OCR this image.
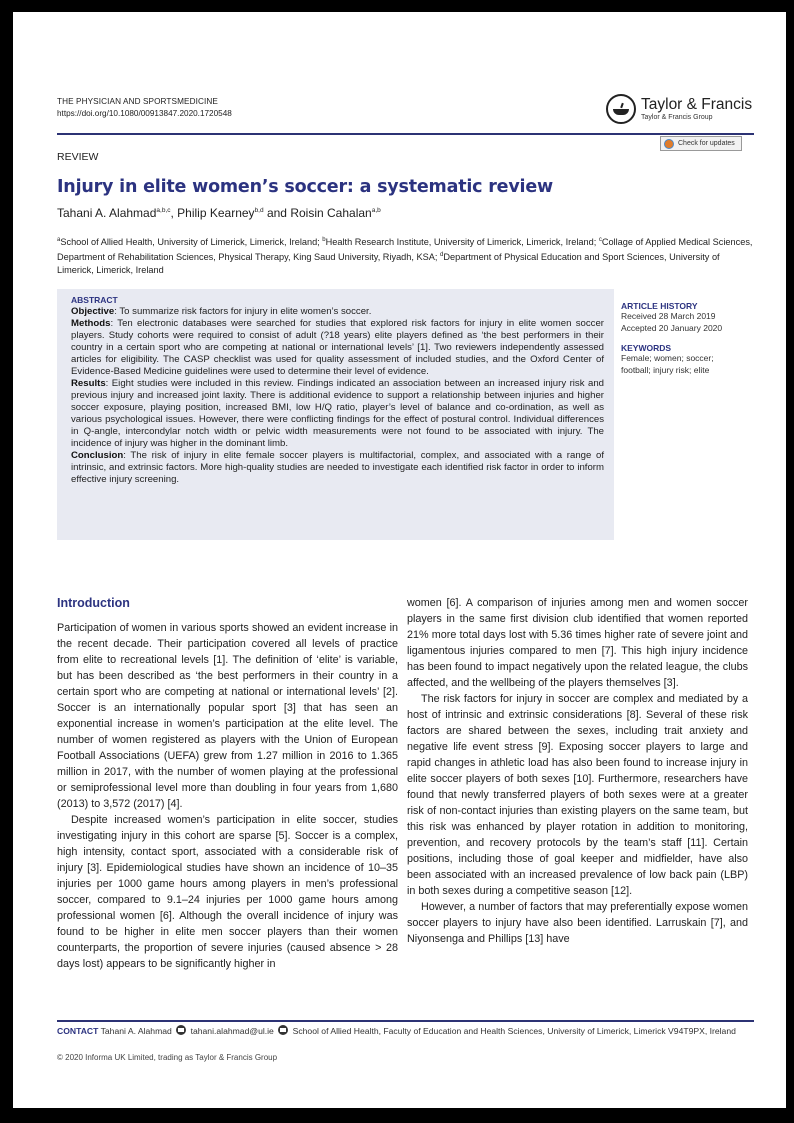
THE PHYSICIAN AND SPORTSMEDICINE
https://doi.org/10.1080/00913847.2020.1720548
Taylor & Francis
Taylor & Francis Group
REVIEW
Check for updates
Injury in elite women’s soccer: a systematic review
Tahani A. Alahmad$^{a,b,c}$, Philip Kearney$^{b,d}$ and Roisin Cahalan$^{a,b}$
$^a$School of Allied Health, University of Limerick, Limerick, Ireland; $^b$Health Research Institute, University of Limerick, Limerick, Ireland; $^c$Collage of Applied Medical Sciences, Department of Rehabilitation Sciences, Physical Therapy, King Saud University, Riyadh, KSA; $^d$Department of Physical Education and Sport Sciences, University of Limerick, Limerick, Ireland
ABSTRACT

Objective: To summarize risk factors for injury in elite women’s soccer.

Methods: Ten electronic databases were searched for studies that explored risk factors for injury in elite women soccer players. Study cohorts were required to consist of adult (?18 years) elite players defined as ‘the best performers in their country in a certain sport who are competing at national or international levels’ [1]. Two reviewers independently assessed articles for eligibility. The CASP checklist was used for quality assessment of included studies, and the Oxford Center of Evidence-Based Medicine guidelines were used to determine their level of evidence.

Results: Eight studies were included in this review. Findings indicated an association between an increased injury risk and previous injury and increased joint laxity. There is additional evidence to support a relationship between injuries and higher soccer exposure, playing position, increased BMI, low H/Q ratio, player’s level of balance and co-ordination, as well as various psychological issues. However, there were conflicting findings for the effect of postural control. Individual differences in Q-angle, intercondylar notch width or pelvic width measurements were not found to be associated with injury. The incidence of injury was higher in the dominant limb.

Conclusion: The risk of injury in elite female soccer players is multifactorial, complex, and associated with a range of intrinsic, and extrinsic factors. More high-quality studies are needed to investigate each identified risk factor in order to inform effective injury screening.

ARTICLE HISTORY
Received 28 March 2019
Accepted 20 January 2020
KEYWORDS
Female; women; soccer;
football; injury risk; elite
Introduction

Participation of women in various sports showed an evident increase in the recent decade. Their participation covered all levels of practice from elite to recreational levels [1]. The definition of ‘elite’ is variable, but has been described as ‘the best performers in their country in a certain sport who are competing at national or international levels’ [2]. Soccer is an internationally popular sport [3] that has seen an exponential increase in women’s participation at the elite level. The number of women registered as players with the Union of European Football Associations (UEFA) grew from 1.27 million in 2016 to 1.365 million in 2017, with the number of women playing at the professional or semiprofessional level more than doubling in four years from 1,680 (2013) to 3,572 (2017) [4].

Despite increased women’s participation in elite soccer, studies investigating injury in this cohort are sparse [5]. Soccer is a complex, high intensity, contact sport, associated with a considerable risk of injury [3]. Epidemiological studies have shown an incidence of 10–35 injuries per 1000 game hours among players in men’s professional soccer, compared to 9.1–24 injuries per 1000 game hours among professional women [6]. Although the overall incidence of injury was found to be higher in elite men soccer players than their women counterparts, the proportion of severe injuries (caused absence > 28 days lost) appears to be significantly higher in

women [6]. A comparison of injuries among men and women soccer players in the same first division club identified that women reported 21% more total days lost with 5.36 times higher rate of severe joint and ligamentous injuries compared to men [7]. This high injury incidence has been found to impact negatively upon the related league, the clubs affected, and the wellbeing of the players themselves [3].

The risk factors for injury in soccer are complex and mediated by a host of intrinsic and extrinsic considerations [8]. Several of these risk factors are shared between the sexes, including trait anxiety and negative life event stress [9]. Exposing soccer players to large and rapid changes in athletic load has also been found to increase injury in elite soccer players of both sexes [10]. Furthermore, researchers have found that newly transferred players of both sexes were at a greater risk of non-contact injuries than existing players on the same team, but this risk was enhanced by player rotation in addition to monitoring, prevention, and recovery protocols by the team’s staff [11]. Certain positions, including those of goal keeper and midfielder, have also been associated with an increased prevalence of low back pain (LBP) in both sexes during a competitive season [12].

However, a number of factors that may preferentially expose women soccer players to injury have also been identified. Larruskain [7], and Niyonsenga and Phillips [13] have

CONTACT Tahani A. Alahmad tahani.alahmad@ul.ie School of Allied Health, Faculty of Education and Health Sciences, University of Limerick, Limerick V94T9PX, Ireland
© 2020 Informa UK Limited, trading as Taylor & Francis Group
